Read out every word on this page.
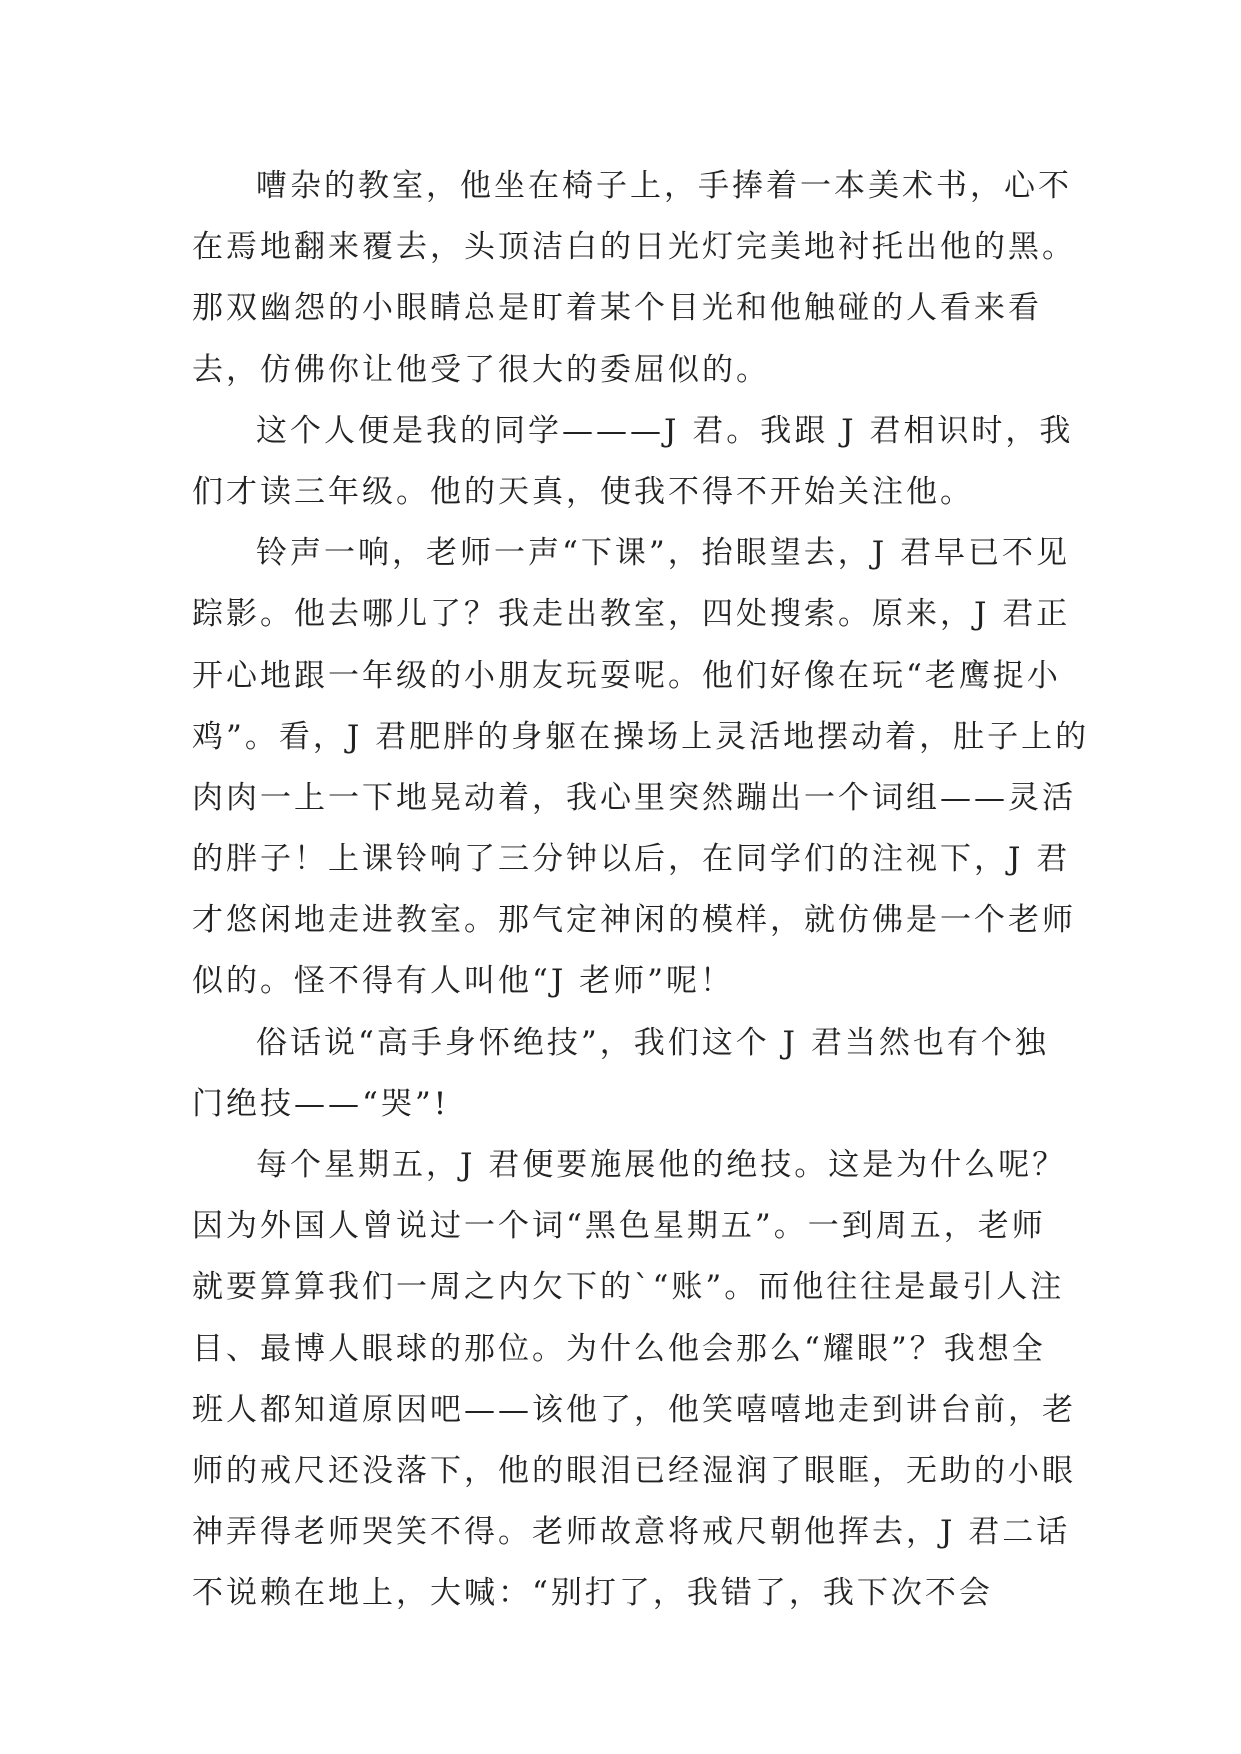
嘈杂的教室，他坐在椅子上，手捧着一本美术书，心不
在焉地翻来覆去，头顶洁白的日光灯完美地衬托出他的黑。
那双幽怨的小眼睛总是盯着某个目光和他触碰的人看来看
去，仿佛你让他受了很大的委屈似的。
这个人便是我的同学———J 君。我跟 J 君相识时，我
们才读三年级。他的天真，使我不得不开始关注他。
铃声一响，老师一声“下课”，抬眼望去，J 君早已不见
踪影。他去哪儿了？我走出教室，四处搜索。原来，J 君正
开心地跟一年级的小朋友玩耍呢。他们好像在玩“老鹰捉小
鸡”。看，J 君肥胖的身躯在操场上灵活地摆动着，肚子上的
肉肉一上一下地晃动着，我心里突然蹦出一个词组——灵活
的胖子！上课铃响了三分钟以后，在同学们的注视下，J 君
才悠闲地走进教室。那气定神闲的模样，就仿佛是一个老师
似的。怪不得有人叫他“J 老师”呢！
俗话说“高手身怀绝技”，我们这个 J 君当然也有个独
门绝技——“哭”!
每个星期五，J 君便要施展他的绝技。这是为什么呢？
因为外国人曾说过一个词“黑色星期五”。一到周五，老师
就要算算我们一周之内欠下的`“账”。而他往往是最引人注
目、最博人眼球的那位。为什么他会那么“耀眼”？我想全
班人都知道原因吧——该他了，他笑嘻嘻地走到讲台前，老
师的戒尺还没落下，他的眼泪已经湿润了眼眶，无助的小眼
神弄得老师哭笑不得。老师故意将戒尺朝他挥去，J 君二话
不说赖在地上，大喊：“别打了，我错了，我下次不会
